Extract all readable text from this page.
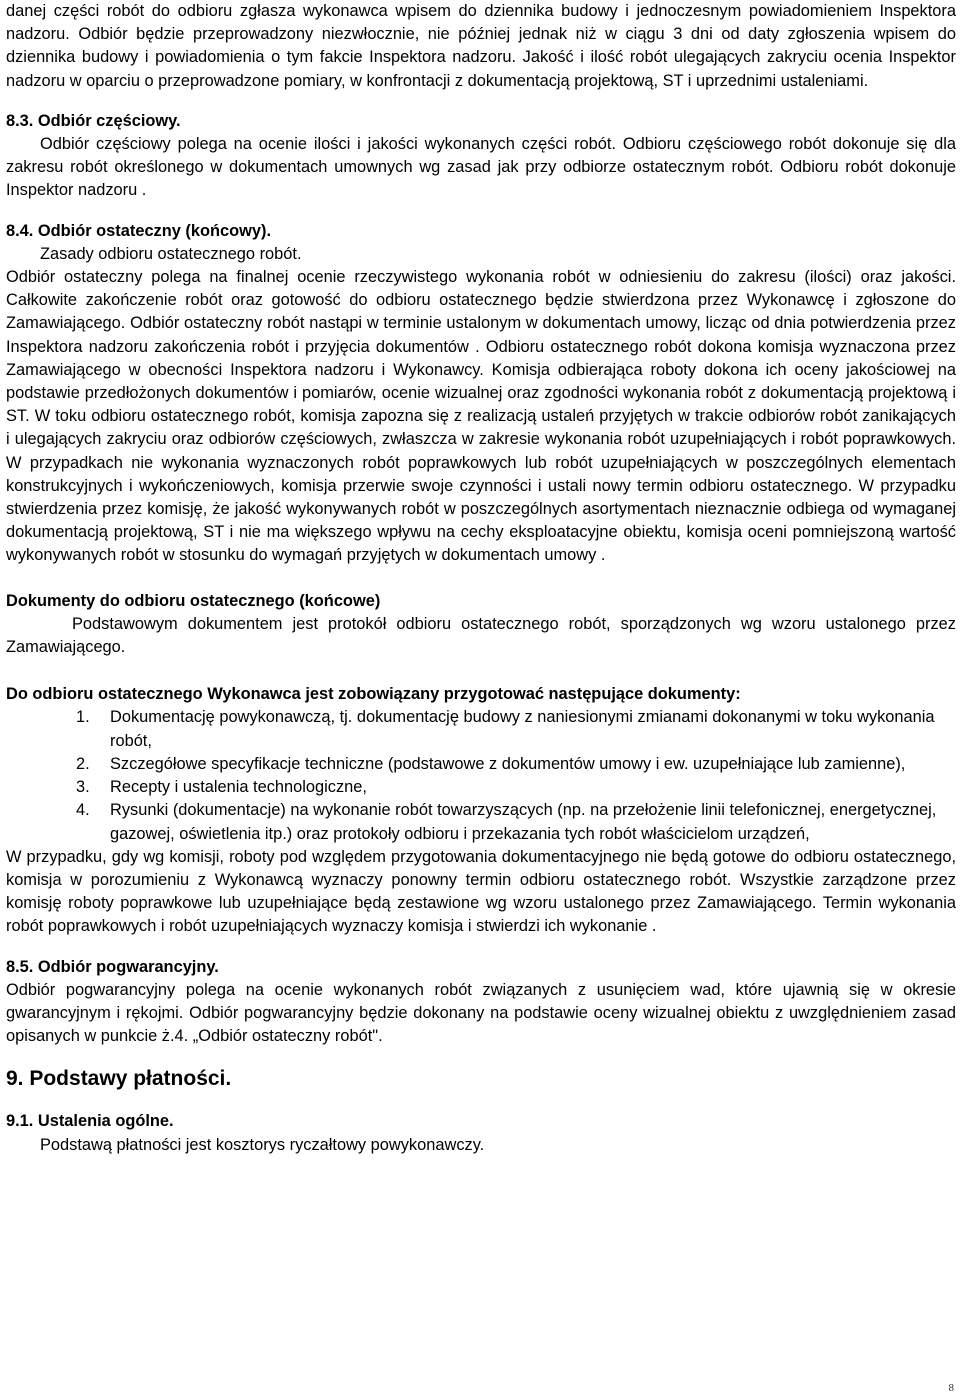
danej części robót do odbioru zgłasza wykonawca wpisem do dziennika budowy i jednoczesnym powiadomieniem Inspektora nadzoru. Odbiór będzie przeprowadzony niezwłocznie, nie później jednak niż w ciągu 3 dni od daty zgłoszenia wpisem do dziennika budowy i powiadomienia o tym fakcie Inspektora nadzoru. Jakość i ilość robót ulegających zakryciu ocenia Inspektor nadzoru w oparciu o przeprowadzone pomiary, w konfrontacji z dokumentacją projektową, ST i uprzednimi ustaleniami.

8.3. Odbiór częściowy.

Odbiór częściowy polega na ocenie ilości i jakości wykonanych części robót. Odbioru częściowego robót dokonuje się dla zakresu robót określonego w dokumentach umownych wg zasad jak przy odbiorze ostatecznym robót. Odbioru robót dokonuje Inspektor nadzoru .

8.4. Odbiór ostateczny (końcowy).

Zasady odbioru ostatecznego robót.

Odbiór ostateczny polega na finalnej ocenie rzeczywistego wykonania robót w odniesieniu do zakresu (ilości) oraz jakości. Całkowite zakończenie robót oraz gotowość do odbioru ostatecznego będzie stwierdzona przez Wykonawcę i zgłoszone do Zamawiającego. Odbiór ostateczny robót nastąpi w terminie ustalonym w dokumentach umowy, licząc od dnia potwierdzenia przez Inspektora nadzoru zakończenia robót i przyjęcia dokumentów . Odbioru ostatecznego robót dokona komisja wyznaczona przez Zamawiającego w obecności Inspektora nadzoru i Wykonawcy. Komisja odbierająca roboty dokona ich oceny jakościowej na podstawie przedłożonych dokumentów i pomiarów, ocenie wizualnej oraz zgodności wykonania robót z dokumentacją projektową i ST. W toku odbioru ostatecznego robót, komisja zapozna się z realizacją ustaleń przyjętych w trakcie odbiorów robót zanikających i ulegających zakryciu oraz odbiorów częściowych, zwłaszcza w zakresie wykonania robót uzupełniających i robót poprawkowych. W przypadkach nie wykonania wyznaczonych robót poprawkowych lub robót uzupełniających w poszczególnych elementach konstrukcyjnych i wykończeniowych, komisja przerwie swoje czynności i ustali nowy termin odbioru ostatecznego. W przypadku stwierdzenia przez komisję, że jakość wykonywanych robót w poszczególnych asortymentach nieznacznie odbiega od wymaganej dokumentacją projektową, ST i nie ma większego wpływu na cechy eksploatacyjne obiektu, komisja oceni pomniejszoną wartość wykonywanych robót w stosunku do wymagań przyjętych w dokumentach umowy .

Dokumenty do odbioru ostatecznego (końcowe)

Podstawowym dokumentem jest protokół odbioru ostatecznego robót, sporządzonych wg wzoru ustalonego przez Zamawiającego.

Do odbioru ostatecznego Wykonawca jest zobowiązany przygotować następujące dokumenty:

1. Dokumentację powykonawczą, tj. dokumentację budowy z naniesionymi zmianami dokonanymi w toku wykonania robót,
2. Szczegółowe specyfikacje techniczne (podstawowe z dokumentów umowy i ew. uzupełniające lub zamienne),
3. Recepty i ustalenia technologiczne,
4. Rysunki (dokumentacje) na wykonanie robót towarzyszących (np. na przełożenie linii telefonicznej, energetycznej, gazowej, oświetlenia itp.) oraz protokoły odbioru i przekazania tych robót właścicielom urządzeń,

W przypadku, gdy wg komisji, roboty pod względem przygotowania dokumentacyjnego nie będą gotowe do odbioru ostatecznego, komisja w porozumieniu z Wykonawcą wyznaczy ponowny termin odbioru ostatecznego robót. Wszystkie zarządzone przez komisję roboty poprawkowe lub uzupełniające będą zestawione wg wzoru ustalonego przez Zamawiającego. Termin wykonania robót poprawkowych i robót uzupełniających wyznaczy komisja i stwierdzi ich wykonanie .

8.5. Odbiór pogwarancyjny.

Odbiór pogwarancyjny polega na ocenie wykonanych robót związanych z usunięciem wad, które ujawnią się w okresie gwarancyjnym i rękojmi. Odbiór pogwarancyjny będzie dokonany na podstawie oceny wizualnej obiektu z uwzględnieniem zasad opisanych w punkcie ż.4. „Odbiór ostateczny robót".

9. Podstawy płatności.

9.1. Ustalenia ogólne.

Podstawą płatności jest kosztorys ryczałtowy powykonawczy.

8
